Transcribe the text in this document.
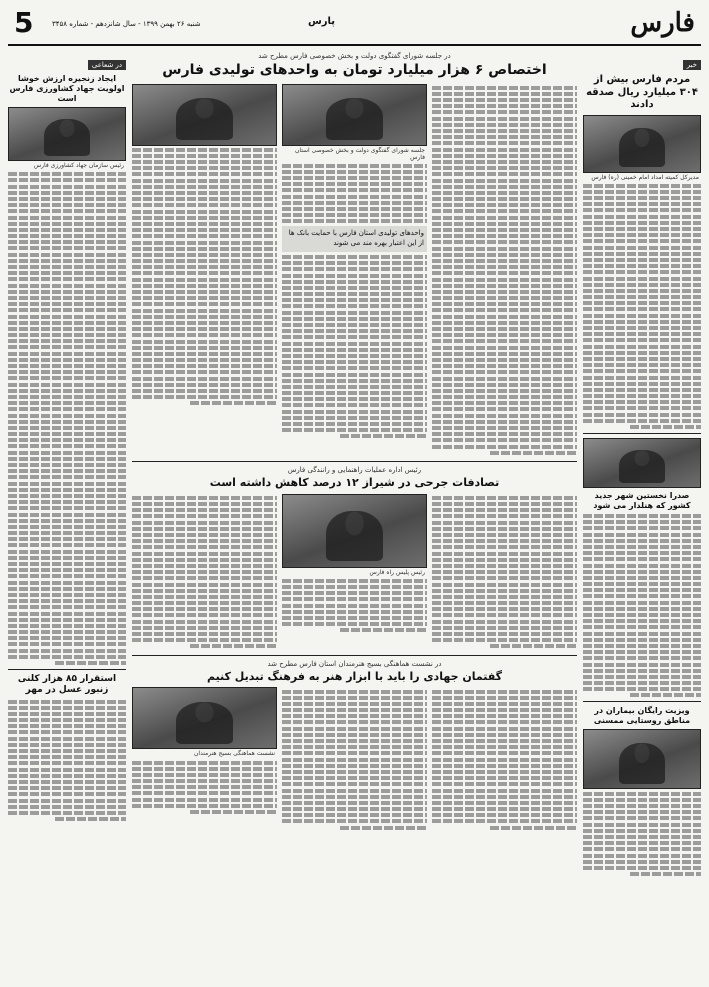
فارس
پارس
شنبه ۲۶ بهمن ۱۳۹۹ - سال شانزدهم - شماره ۳۴۵۸
5
خبر
مردم فارس بیش از ۳۰۴ میلیارد ریال صدقه دادند
مدیرکل کمیته امداد امام خمینی (ره) فارس
صدرا نخستین شهر جدید کشور که هنلدار می شود
ویزیت رایگان بیماران در مناطق روستایی ممسنی
در جلسه شورای گفتگوی دولت و بخش خصوصی فارس مطرح شد
اختصاص ۶ هزار میلیارد تومان به واحدهای تولیدی فارس
جلسه شورای گفتگوی دولت و بخش خصوصی استان فارس
واحدهای تولیدی استان فارس با حمایت بانک ها از این اعتبار بهره مند می شوند
رئیس اداره عملیات راهنمایی و رانندگی فارس
تصادفات جرحی در شیراز ۱۲ درصد کاهش داشته است
رئیس پلیس راه فارس
در نشست هماهنگی بسیج هنرمندان استان فارس مطرح شد
گفتمان جهادی را باید با ابزار هنر به فرهنگ تبدیل کنیم
نشست هماهنگی بسیج هنرمندان
در شعاعی
ایجاد زنجیره ارزش خوشا اولویت جهاد کشاورزی فارس است
رئیس سازمان جهاد کشاورزی فارس
استقرار ۸۵ هزار کلنی زنبور عسل در مهر
